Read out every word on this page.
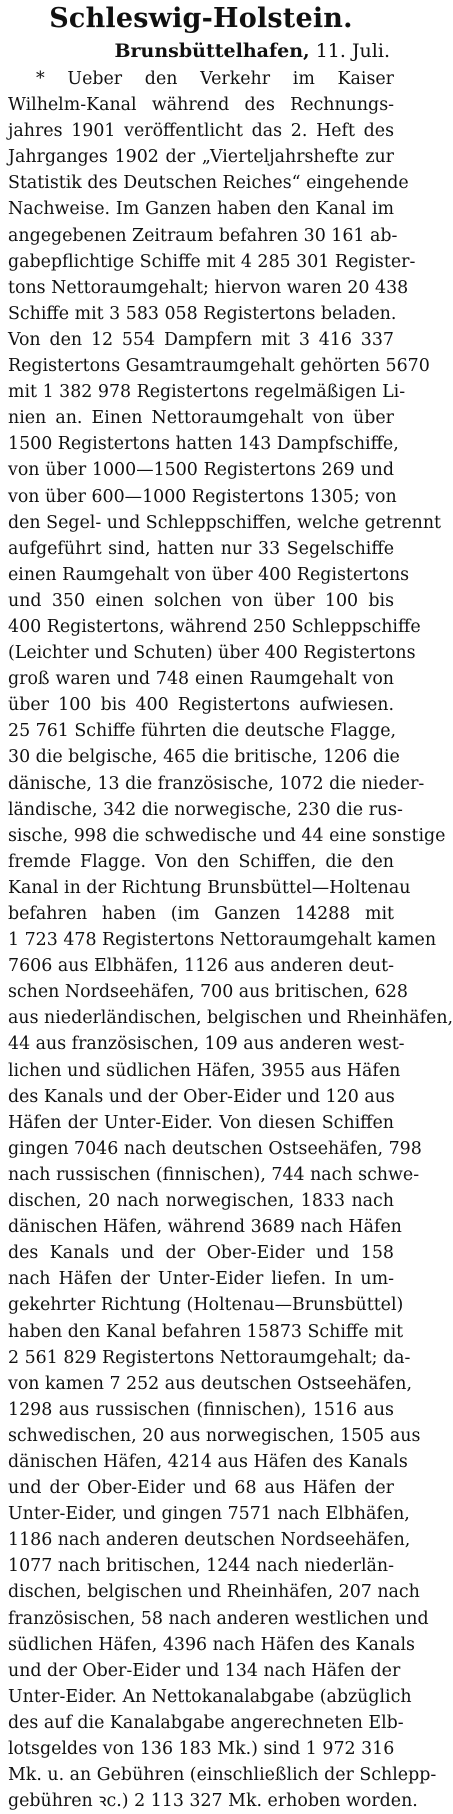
Schleswig-Holstein.
Brunsbüttelhafen, 11. Juli.
* Ueber den Verkehr im Kaiser
Wilhelm-Kanal während des Rechnungs-
jahres 1901 veröffentlicht das 2. Heft des
Jahrganges 1902 der „Vierteljahrshefte zur
Statistik des Deutschen Reiches“ eingehende
Nachweise. Im Ganzen haben den Kanal im
angegebenen Zeitraum befahren 30 161 ab-
gabepflichtige Schiffe mit 4 285 301 Register-
tons Nettoraumgehalt; hiervon waren 20 438
Schiffe mit 3 583 058 Registertons beladen.
Von den 12 554 Dampfern mit 3 416 337
Registertons Gesamtraumgehalt gehörten 5670
mit 1 382 978 Registertons regelmäßigen Li-
nien an. Einen Nettoraumgehalt von über
1500 Registertons hatten 143 Dampfschiffe,
von über 1000—1500 Registertons 269 und
von über 600—1000 Registertons 1305; von
den Segel- und Schleppschiffen, welche getrennt
aufgeführt sind, hatten nur 33 Segelschiffe
einen Raumgehalt von über 400 Registertons
und 350 einen solchen von über 100 bis
400 Registertons, während 250 Schleppschiffe
(Leichter und Schuten) über 400 Registertons
groß waren und 748 einen Raumgehalt von
über 100 bis 400 Registertons aufwiesen.
25 761 Schiffe führten die deutsche Flagge,
30 die belgische, 465 die britische, 1206 die
dänische, 13 die französische, 1072 die nieder-
ländische, 342 die norwegische, 230 die rus-
sische, 998 die schwedische und 44 eine sonstige
fremde Flagge. Von den Schiffen, die den
Kanal in der Richtung Brunsbüttel—Holtenau
befahren haben (im Ganzen 14288 mit
1 723 478 Registertons Nettoraumgehalt kamen
7606 aus Elbhäfen, 1126 aus anderen deut-
schen Nordseehäfen, 700 aus britischen, 628
aus niederländischen, belgischen und Rheinhäfen,
44 aus französischen, 109 aus anderen west-
lichen und südlichen Häfen, 3955 aus Häfen
des Kanals und der Ober-Eider und 120 aus
Häfen der Unter-Eider. Von diesen Schiffen
gingen 7046 nach deutschen Ostseehäfen, 798
nach russischen (finnischen), 744 nach schwe-
dischen, 20 nach norwegischen, 1833 nach
dänischen Häfen, während 3689 nach Häfen
des Kanals und der Ober-Eider und 158
nach Häfen der Unter-Eider liefen. In um-
gekehrter Richtung (Holtenau—Brunsbüttel)
haben den Kanal befahren 15873 Schiffe mit
2 561 829 Registertons Nettoraumgehalt; da-
von kamen 7 252 aus deutschen Ostseehäfen,
1298 aus russischen (finnischen), 1516 aus
schwedischen, 20 aus norwegischen, 1505 aus
dänischen Häfen, 4214 aus Häfen des Kanals
und der Ober-Eider und 68 aus Häfen der
Unter-Eider, und gingen 7571 nach Elbhäfen,
1186 nach anderen deutschen Nordseehäfen,
1077 nach britischen, 1244 nach niederlän-
dischen, belgischen und Rheinhäfen, 207 nach
französischen, 58 nach anderen westlichen und
südlichen Häfen, 4396 nach Häfen des Kanals
und der Ober-Eider und 134 nach Häfen der
Unter-Eider. An Nettokanalabgabe (abzüglich
des auf die Kanalabgabe angerechneten Elb-
lotsgeldes von 136 183 Mk.) sind 1 972 316
Mk. u. an Gebühren (einschließlich der Schlepp-
gebühren ꝛc.) 2 113 327 Mk. erhoben worden.
